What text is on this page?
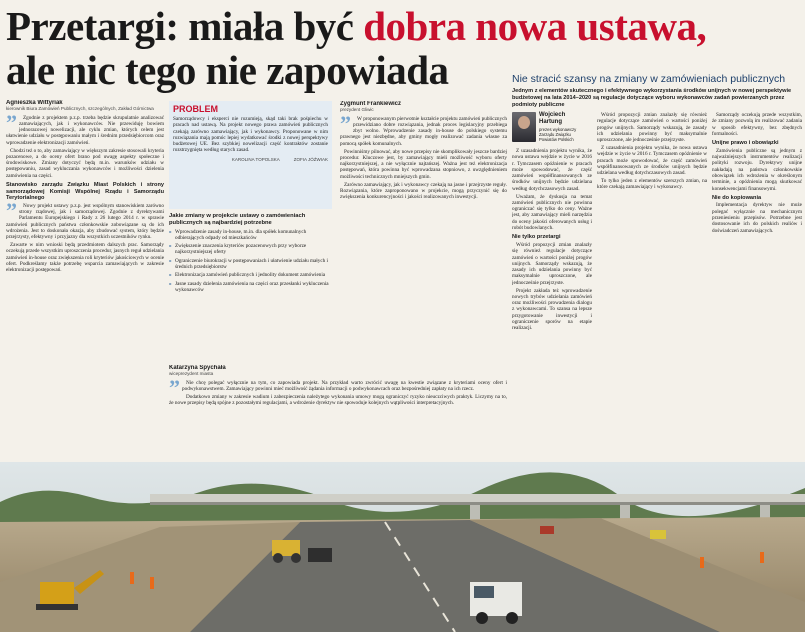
Przetargi: miała być dobra nowa ustawa,
ale nic tego nie zapowiada	Nie stracić szansy na zmiany w zamówieniach publicznych
Jednym z elementów skutecznego i efektywnego wykorzystania środków unijnych w nowej perspektywie budżetowej na lata 2014–2020 są regulacje dotyczące wyboru wykonawców zadań powierzanych przez podmioty publiczne
Agnieszka Wittyriak
kierownik Biura Zamówień Publicznych, szczególnych, Zakład Górnictwa
”	Zgodnie z projektem p.z.p. trzeba będzie skrupulatnie analizować zamawiających, jak i wykonawców. Nie przewiduję bowiem jednorazowej nowelizacji, ale cyklu zmian, których celem jest ułatwienie udziału w postępowaniu małym i średnim przedsiębiorcom oraz wprowadzenie elektronizacji zamówień.

Chodzi też o to, aby zamawiający w większym zakresie stosowali kryteria pozacenowe, a do oceny ofert brano pod uwagę aspekty społeczne i środowiskowe. Zmiany dotyczyć będą m.in. warunków udziału w postępowaniu, zasad wykluczania wykonawców i możliwości dzielenia zamówienia na części.

Stanowisko zarządu Związku Miast Polskich i strony samorządowej Komisji Wspólnej Rządu i Samorządu Terytorialnego
”	Nowy projekt ustawy p.z.p. jest wspólnym stanowiskiem zarówno strony rządowej, jak i samorządowej. Zgodnie z dyrektywami Parlamentu Europejskiego i Rady z 26 lutego 2014 r. w sprawie zamówień publicznych państwa członkowskie zobowiązane są do ich wdrożenia. Jest to doskonała okazja, aby zbudować system, który będzie przejrzysty, efektywny i przyjazny dla wszystkich uczestników rynku.

Zawarte w nim wnioski będą przedmiotem dalszych prac. Samorządy oczekują przede wszystkim uproszczenia procedur, jasnych reguł udzielania zamówień in-house oraz zwiększenia roli kryteriów jakościowych w ocenie ofert. Podkreślamy także potrzebę wsparcia zamawiających w zakresie elektronizacji postępowań.

PROBLEM

Samorządowcy i eksperci nie rozumieją, skąd taki brak pośpiechu w pracach nad ustawą. Na projekt nowego prawa zamówień publicznych czekają zarówno zamawiający, jak i wykonawcy. Proponowane w nim rozwiązania mają pomóc lepiej wydatkować środki z nowej perspektywy budżetowej UE. Bez szybkiej nowelizacji część kontraktów zostanie rozstrzygnięta według starych zasad.

KAROLINA TOPOLSKA	ZOFIA JÓŹWIAK
Jakie zmiany w projekcie ustawy o zamówieniach publicznych są najbardziej potrzebne
» Wprowadzenie zasady in-house, m.in. dla spółek komunalnych odbierających odpady od mieszkańców
» Zwiększenie znaczenia kryteriów pozacenowych przy wyborze najkorzystniejszej oferty
» Ograniczenie biurokracji w postępowaniach i ułatwienie udziału małych i średnich przedsiębiorstw
» Elektronizacja zamówień publicznych i jednolity dokument zamówienia
» Jasne zasady dzielenia zamówienia na części oraz przesłanki wykluczenia wykonawców
Katarzyna Spychała
wiceprezydent miasta
”	Nie chcę polegać wyłącznie na tym, co zapowiada projekt. Na przykład warto zwrócić uwagę na kwestie związane z kryteriami oceny ofert i podwykonawstwem. Zamawiający powinni mieć możliwość żądania informacji o podwykonawcach oraz bezpośredniej zapłaty na ich rzecz.

Dodatkowo zmiany w zakresie wadium i zabezpieczenia należytego wykonania umowy mogą ograniczyć ryzyko nieuczciwych praktyk. Liczymy na to, że nowe przepisy będą spójne z pozostałymi regulacjami, a wdrożenie dyrektyw nie spowoduje kolejnych wątpliwości interpretacyjnych.

Zygmunt Frankiewicz
prezydent Gliwic
”	W proponowanym pierwotnie kształcie projektu zamówień publicznych przewidziano dobre rozwiązania, jednak proces legislacyjny przebiega zbyt wolno. Wprowadzenie zasady in-house do polskiego systemu prawnego jest niezbędne, aby gminy mogły realizować zadania własne za pomocą spółek komunalnych.

Powinniśmy pilnować, aby nowe przepisy nie skomplikowały jeszcze bardziej procedur. Kluczowe jest, by zamawiający mieli możliwość wyboru oferty najkorzystniejszej, a nie wyłącznie najtańszej. Ważna jest też elektronizacja postępowań, która powinna być wprowadzana stopniowo, z uwzględnieniem możliwości technicznych mniejszych gmin.

Zarówno zamawiający, jak i wykonawcy czekają na jasne i przejrzyste reguły. Rozwiązania, które zaproponowano w projekcie, mogą przyczynić się do zwiększenia konkurencyjności i jakości realizowanych inwestycji.

Wojciech Hartung
prezes wykonawczy Zarządu Związku Powiatów Polskich

Z uzasadnienia projektu wynika, że nowa ustawa wejdzie w życie w 2016 r. Tymczasem opóźnienie w pracach może spowodować, że część zamówień współfinansowanych ze środków unijnych będzie udzielana według dotychczasowych zasad.

Uważam, że dyskusja na temat zamówień publicznych nie powinna ograniczać się tylko do ceny. Ważne jest, aby zamawiający mieli narzędzia do oceny jakości oferowanych usług i robót budowlanych.

Nie tylko przetargi

Wśród propozycji zmian znalazły się również regulacje dotyczące zamówień o wartości poniżej progów unijnych. Samorządy wskazują, że zasady ich udzielania powinny być maksymalnie uproszczone, ale jednocześnie przejrzyste.

Projekt zakłada też wprowadzenie nowych trybów udzielania zamówień oraz możliwości prowadzenia dialogu z wykonawcami. To szansa na lepsze przygotowanie inwestycji i ograniczenie sporów na etapie realizacji.

Wśród propozycji zmian znalazły się również regulacje dotyczące zamówień o wartości poniżej progów unijnych. Samorządy wskazują, że zasady ich udzielania powinny być maksymalnie uproszczone, ale jednocześnie przejrzyste.

Z uzasadnienia projektu wynika, że nowa ustawa wejdzie w życie w 2016 r. Tymczasem opóźnienie w pracach może spowodować, że część zamówień współfinansowanych ze środków unijnych będzie udzielana według dotychczasowych zasad.

To tylko jeden z elementów szerszych zmian, na które czekają zamawiający i wykonawcy.

Samorządy oczekują przede wszystkim, że zmiany pozwolą im realizować zadania w sposób efektywny, bez zbędnych formalności.

Unijne prawo i obowiązki

Zamówienia publiczne są jednym z najważniejszych instrumentów realizacji polityki rozwoju. Dyrektywy unijne nakładają na państwa członkowskie obowiązek ich wdrożenia w określonym terminie, a opóźnienia mogą skutkować konsekwencjami finansowymi.

Nie do kopiowania

Implementacja dyrektyw nie może polegać wyłącznie na mechanicznym przeniesieniu przepisów. Potrzebne jest dostosowanie ich do polskich realiów i doświadczeń zamawiających.
